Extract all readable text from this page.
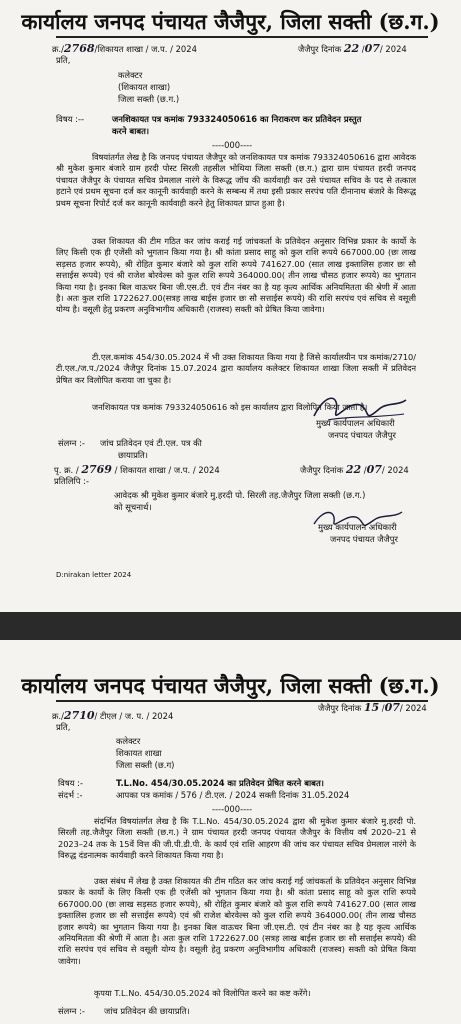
कार्यालय जनपद पंचायत जैजैपुर, जिला सक्ती (छ.ग.)
क्र./2768/शिकायत शाखा / ज.प. / 2024	जैजैपुर दिनांक 22 /07/ 2024
प्रति,
कलेक्टर
(शिकायत शाखा)
जिला सक्ती (छ.ग.)
विषय :--	जनशिकायत पत्र कमांक 793324050616 का निराकरण कर प्रतिवेदन प्रस्तुत
करने बाबत।
----000----
विषयांतर्गत लेख है कि जनपद पंचायत जैजैपुर को जनशिकायत पत्र कमांक 793324050616 द्वारा आवेदक श्री मुकेश कुमार बंजारे ग्राम हरदी पोस्ट सिरली तहसील भोथिया जिला सक्ती (छ.ग.) द्वारा ग्राम पंचायत हरदी जनपद पंचायत जैजैपुर के पंचायत सचिव प्रेमलाल नारंगे के विरूद्ध जॉच की कार्यवाही कर उसे पंचायत सचिव के पद से तत्काल हटाने एवं प्रथम सूचना दर्ज कर कानूनी कार्यवाही करने के सम्बन्ध में तथा इसी प्रकार सरपंच पति दीनानाथ बंजारे के विरूद्ध प्रथम सूचना रिपोर्ट दर्ज कर कानूनी कार्यवाही करने हेतु शिकायत प्राप्त हुआ है।
उक्त शिकायत की टीम गठित कर जांच कराई गई जांचकर्ता के प्रतिवेदन अनुसार विभिन्न प्रकार के कार्यो के लिए किसी एक ही एजेंसी को भुगतान किया गया है। श्री कांता प्रसाद साहू को कुल राशि रूपये 667000.00 (छः लाख सड़सठ हजार रूपये), श्री रोहित कुमार बंजारे को कुल राशि रूपये 741627.00 (सात लाख इक्तालिस हजार छः सौ सत्ताईस रूपये) एवं श्री राजेश बोरवेल्स को कुल राशि रूपये 364000.00( तीन लाख चौसठ हजार रूपये) का भुगतान किया गया है। इनका बिल वाऊचर बिना जी.एस.टी. एवं टीन नंबर का है यह कृत्य आर्थिक अनियमितता की श्रेणी में आता है। अतः कुल राशि 1722627.00(सत्रह लाख बाईस हजार छः सौ सत्ताईस रूपये) की राशि सरपंच एवं सचिव से वसूली योग्य है। वसूली हेतु प्रकरण अनुविभागीय अधिकारी (राजस्व) सक्ती को प्रेषित किया जावेगा।
टी.एल.कमांक 454/30.05.2024 में भी उक्त शिकायत किया गया है जिसे कार्यालयीन पत्र कमांक/2710/टी.एल./ज.प./2024 जैजैपुर दिनांक 15.07.2024 द्वारा कार्यालय कलेक्टर शिकायत शाखा जिला सक्ती में प्रतिवेदन प्रेषित कर विलोपित कराया जा चुका है।
जनशिकायत पत्र कमांक 793324050616 को इस कार्यालय द्वारा विलोपित किया जाता है।
संलग्न :- जांच प्रतिवेदन एवं टी.एल. पत्र की
छायाप्रति।
मुख्य कार्यपालन अधिकारी
जनपद पंचायत जैजैपुर
पृ. क्र. / 2769 / शिकायत शाखा / ज.प. / 2024	जैजैपुर दिनांक 22 /07/ 2024
प्रतिलिपि :-
आवेदक श्री मुकेश कुमार बंजारे मु.हरदी पो. सिरली तह.जैजैपुर जिला सक्ती (छ.ग.)
को सूचनार्थ।
मुख्य कार्यपालन अधिकारी
जनपद पंचायत जैजैपुर
D:nirakan letter 2024
कार्यालय जनपद पंचायत जैजैपुर, जिला सक्ती (छ.ग.)
जैजैपुर दिनांक 15 /07/ 2024
क्र./2710/ टीएल / ज. प. / 2024
प्रति,
कलेक्टर
शिकायत शाखा
जिला सक्ती (छ.ग)
विषय :-	T.L.No. 454/30.05.2024 का प्रतिवेदन प्रेषित करने बाबत।
संदर्भ :-	आपका पत्र कमांक / 576 / टी.एल. / 2024 सक्ती दिनांक 31.05.2024
----000----
संदर्भित विषयांतर्गत लेख है कि T.L.No. 454/30.05.2024 द्वारा श्री मुकेश कुमार बंजारे मु.हरदी पो. सिरली तह.जैजैपुर जिला सक्ती (छ.ग.) ने ग्राम पंचायत हरदी जनपद पंचायत जैजैपुर के वित्तीय वर्ष 2020–21 से 2023–24 तक के 15वें वित्त की जी.पी.डी.पी. के कार्य एवं राशि आहरण की जांच कर पंचायत सचिव प्रेमलाल नारंगे के विरुद्ध दंडनात्मक कार्यवाही करने शिकायत किया गया है।
उक्त संबंध में लेख है उक्त शिकायत की टीम गठित कर जांच कराई गई जांचकर्ता के प्रतिवेदन अनुसार विभिन्न प्रकार के कार्यो के लिए किसी एक ही एजेंसी को भुगतान किया गया है। श्री कांता प्रसाद साहू को कुल राशि रूपये 667000.00 (छः लाख सड़सठ हजार रूपये), श्री रोहित कुमार बंजारे को कुल राशि रूपये 741627.00 (सात लाख इक्तालिस हजार छः सौ सत्ताईस रूपये) एवं श्री राजेश बोरवेल्स को कुल राशि रूपये 364000.00( तीन लाख चौसठ हजार रूपये) का भुगतान किया गया है। इनका बिल वाऊचर बिना जी.एस.टी. एवं टीन नंबर का है यह कृत्य आर्थिक अनियमितता की श्रेणी में आता है। अतः कुल राशि 1722627.00 (सत्रह लाख बाईस हजार छः सौ सत्ताईस रूपये) की राशि सरपंच एवं सचिव से वसूली योग्य है। वसूली हेतु प्रकरण अनुविभागीय अधिकारी (राजस्व) सक्ती को प्रेषित किया जावेगा।
कृपया T.L.No. 454/30.05.2024 को विलोपित करने का कष्ट करेंगे।
संलग्न :- जांच प्रतिवेदन की छायाप्रति।
